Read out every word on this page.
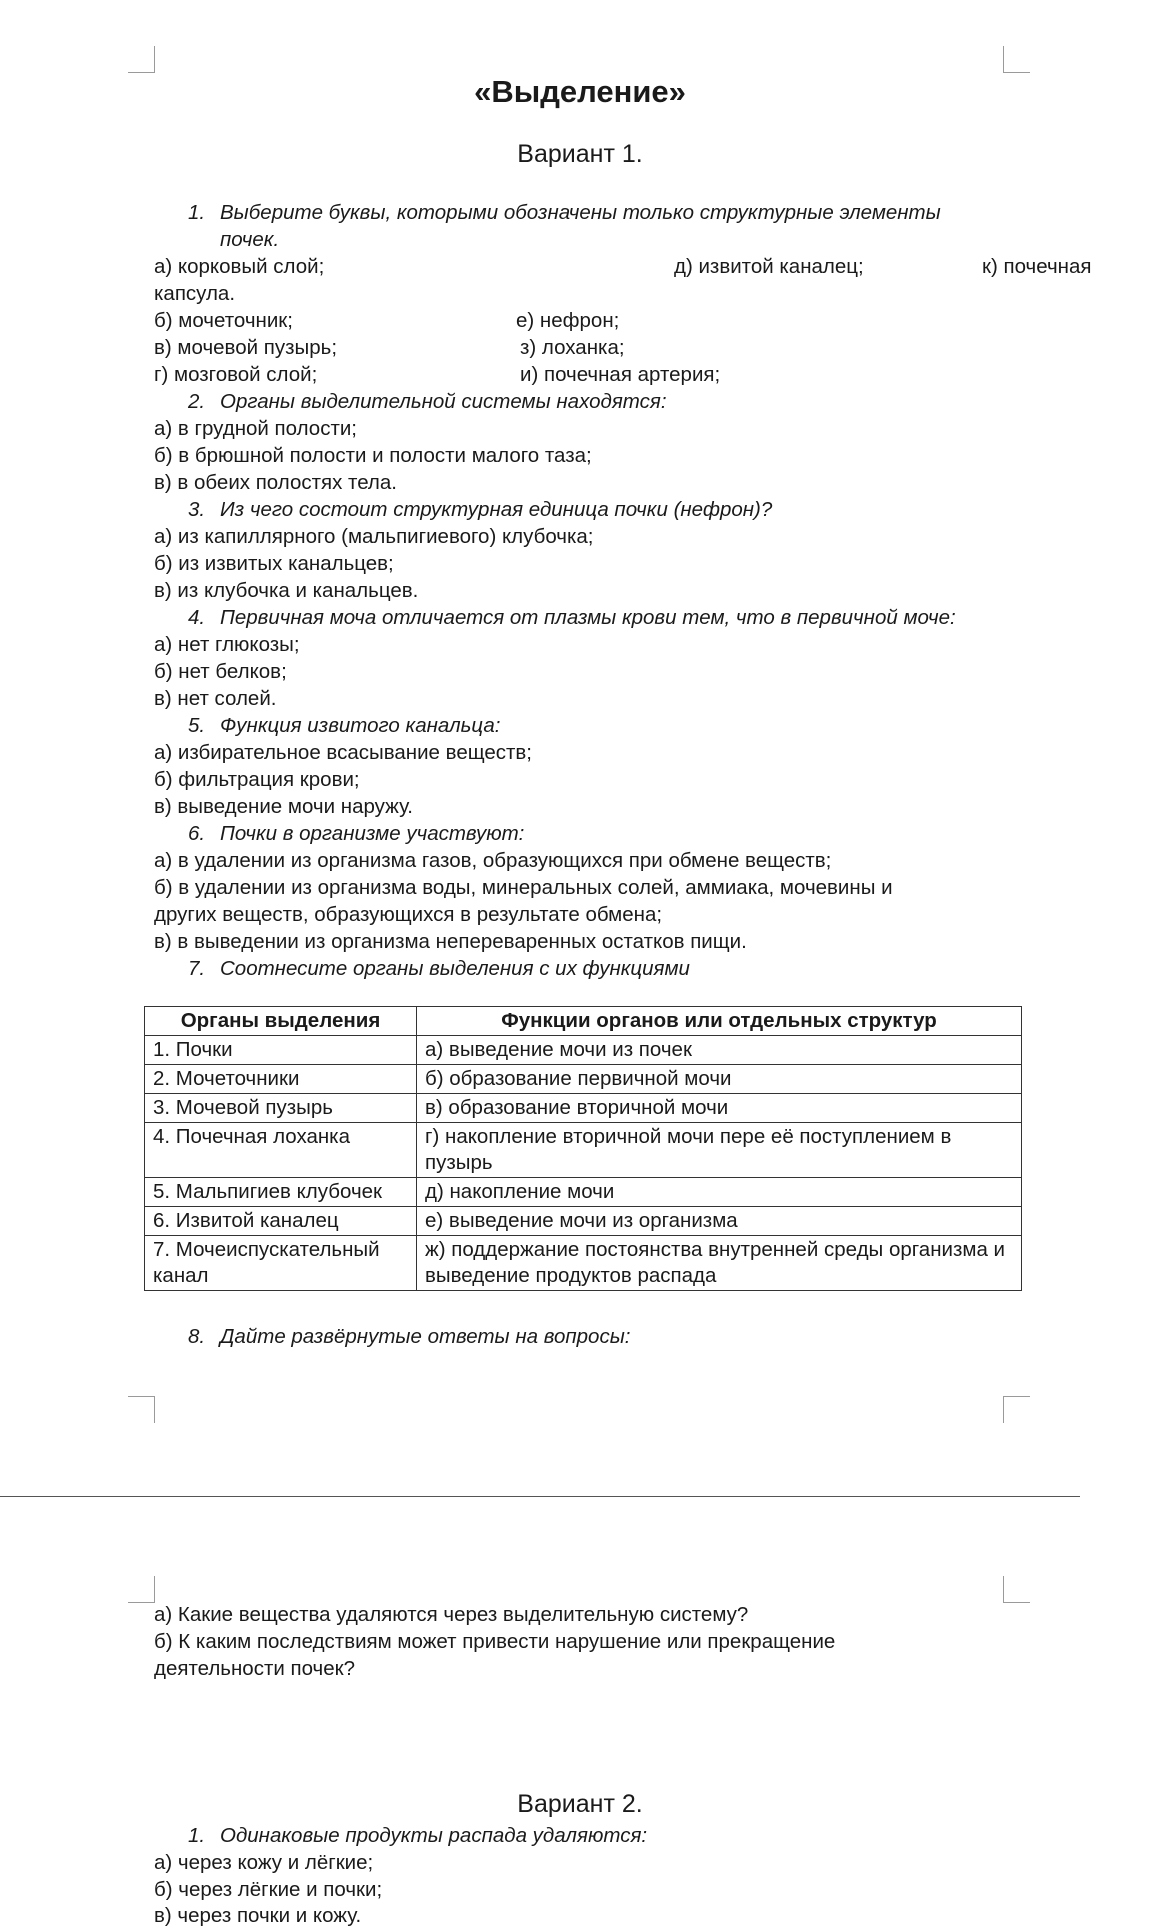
«Выделение»
Вариант 1.
1. Выберите буквы, которыми обозначены только структурные элементы
почек.
а) корковый слой;	д) извитой каналец;	к) почечная
капсула.
б) мочеточник;	е) нефрон;
в) мочевой пузырь;	з) лоханка;
г) мозговой слой;	и) почечная артерия;
2. Органы выделительной системы находятся:
а) в грудной полости;
б) в брюшной полости и полости малого таза;
в) в обеих полостях тела.
3. Из чего состоит структурная единица почки (нефрон)?
а) из капиллярного (мальпигиевого) клубочка;
б) из извитых канальцев;
в) из клубочка и канальцев.
4. Первичная моча отличается от плазмы крови тем, что в первичной моче:
а) нет глюкозы;
б) нет белков;
в) нет солей.
5. Функция извитого канальца:
а) избирательное всасывание веществ;
б) фильтрация крови;
в) выведение мочи наружу.
6. Почки в организме участвуют:
а) в удалении из организма газов, образующихся при обмене веществ;
б) в удалении из организма воды, минеральных солей, аммиака, мочевины и
других веществ, образующихся в результате обмена;
в) в выведении из организма непереваренных остатков пищи.
7. Соотнесите органы выделения с их функциями
Органы выделения	Функции органов или отдельных структур
1. Почки	а) выведение мочи из почек
2. Мочеточники	б) образование первичной мочи
3. Мочевой пузырь	в) образование вторичной мочи
4. Почечная лоханка	г) накопление вторичной мочи пере её поступлением в пузырь
5. Мальпигиев клубочек	д) накопление мочи
6. Извитой каналец	е) выведение мочи из организма
7. Мочеиспускательный канал	ж) поддержание постоянства внутренней среды организма и выведение продуктов распада
8. Дайте развёрнутые ответы на вопросы:
а) Какие вещества удаляются через выделительную систему?
б) К каким последствиям может привести нарушение или прекращение
деятельности почек?
Вариант 2.
1. Одинаковые продукты распада удаляются:
а) через кожу и лёгкие;
б) через лёгкие и почки;
в) через почки и кожу.
